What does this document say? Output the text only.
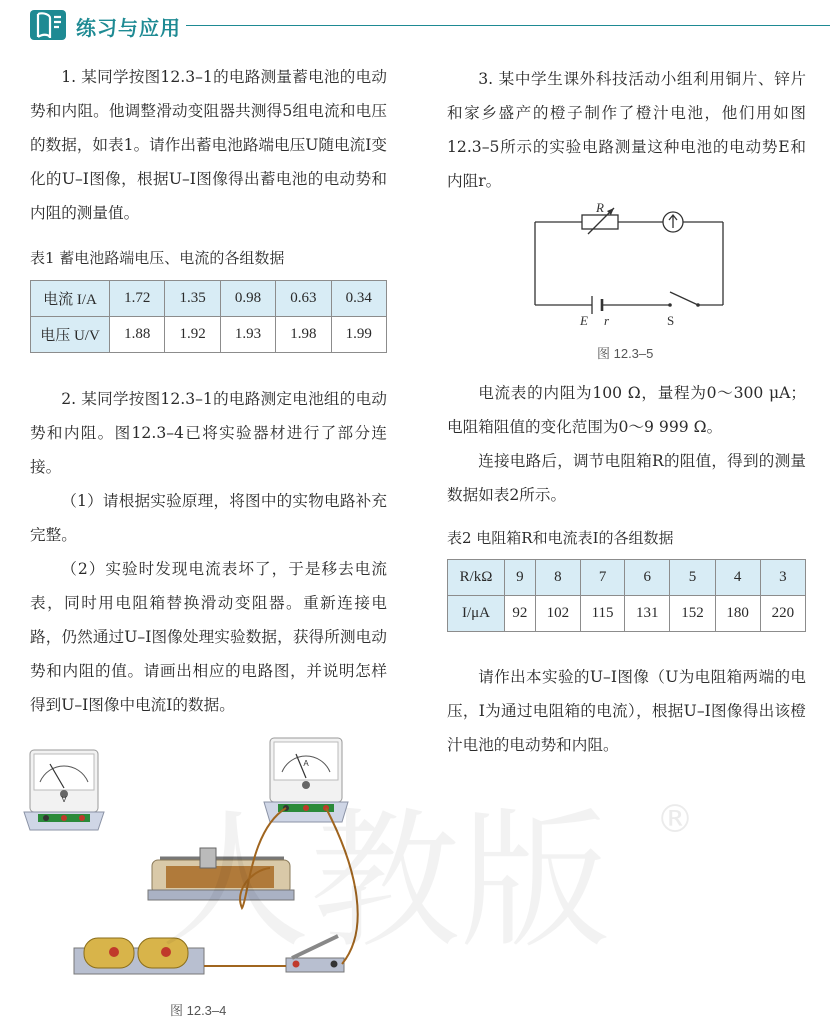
练习与应用

1. 某同学按图12.3–1的电路测量蓄电池的电动势和内阻。他调整滑动变阻器共测得5组电流和电压的数据，如表1。请作出蓄电池路端电压U随电流I变化的U–I图像，根据U–I图像得出蓄电池的电动势和内阻的测量值。

表1 蓄电池路端电压、电流的各组数据
电流 I/A	1.72	1.35	0.98	0.63	0.34
电压 U/V	1.88	1.92	1.93	1.98	1.99

2. 某同学按图12.3–1的电路测定电池组的电动势和内阻。图12.3–4已将实验器材进行了部分连接。

（1）请根据实验原理，将图中的实物电路补充完整。

（2）实验时发现电流表坏了，于是移去电流表，同时用电阻箱替换滑动变阻器。重新连接电路，仍然通过U–I图像处理实验数据，获得所测电动势和内阻的值。请画出相应的电路图，并说明怎样得到U–I图像中电流I的数据。

V
A
图 12.3–4

3. 某中学生课外科技活动小组利用铜片、锌片和家乡盛产的橙子制作了橙汁电池，他们用如图12.3–5所示的实验电路测量这种电池的电动势E和内阻r。

R
E r	S
图 12.3–5

电流表的内阻为100 Ω，量程为0～300 μA；电阻箱阻值的变化范围为0～9 999 Ω。

连接电路后，调节电阻箱R的阻值，得到的测量数据如表2所示。

表2 电阻箱R和电流表I的各组数据
R/kΩ	9	8	7	6	5	4	3
I/μA	92	102	115	131	152	180	220

请作出本实验的U–I图像（U为电阻箱两端的电压，I为通过电阻箱的电流），根据U–I图像得出该橙汁电池的电动势和内阻。

人教版 ®
